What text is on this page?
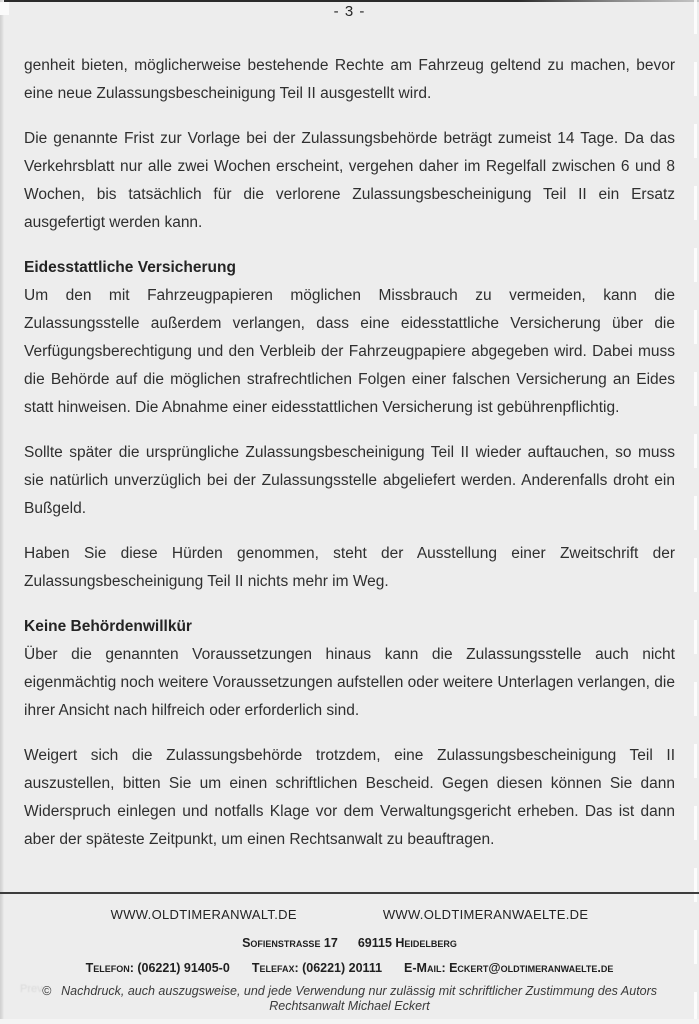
- 3 -

genheit bieten, möglicherweise bestehende Rechte am Fahrzeug geltend zu machen, bevor eine neue Zulassungsbescheinigung Teil II ausgestellt wird.

Die genannte Frist zur Vorlage bei der Zulassungsbehörde beträgt zumeist 14 Tage. Da das Verkehrsblatt nur alle zwei Wochen erscheint, vergehen daher im Regelfall zwischen 6 und 8 Wochen, bis tatsächlich für die verlorene Zulassungsbescheinigung Teil II ein Ersatz ausgefertigt werden kann.

Eidesstattliche Versicherung

Um den mit Fahrzeugpapieren möglichen Missbrauch zu vermeiden, kann die Zulassungsstelle außerdem verlangen, dass eine eidesstattliche Versicherung über die Verfügungsberechtigung und den Verbleib der Fahrzeugpapiere abgegeben wird. Dabei muss die Behörde auf die möglichen strafrechtlichen Folgen einer falschen Versicherung an Eides statt hinweisen. Die Abnahme einer eidesstattlichen Versicherung ist gebührenpflichtig.

Sollte später die ursprüngliche Zulassungsbescheinigung Teil II wieder auftauchen, so muss sie natürlich unverzüglich bei der Zulassungsstelle abgeliefert werden. Anderenfalls droht ein Bußgeld.

Haben Sie diese Hürden genommen, steht der Ausstellung einer Zweitschrift der Zulassungsbescheinigung Teil II nichts mehr im Weg.

Keine Behördenwillkür

Über die genannten Voraussetzungen hinaus kann die Zulassungsstelle auch nicht eigenmächtig noch weitere Voraussetzungen aufstellen oder weitere Unterlagen verlangen, die ihrer Ansicht nach hilfreich oder erforderlich sind.

Weigert sich die Zulassungsbehörde trotzdem, eine Zulassungsbescheinigung Teil II auszustellen, bitten Sie um einen schriftlichen Bescheid. Gegen diesen können Sie dann Widerspruch einlegen und notfalls Klage vor dem Verwaltungsgericht erheben. Das ist dann aber der späteste Zeitpunkt, um einen Rechtsanwalt zu beauftragen.

WWW.OLDTIMERANWALT.DE	WWW.OLDTIMERANWAELTE.DE
Sofienstrasse 17 69115 Heidelberg
Telefon: (06221) 91405-0 Telefax: (06221) 20111 E-Mail: Eckert@oldtimeranwaelte.de
© Nachdruck, auch auszugsweise, und jede Verwendung nur zulässig mit schriftlicher Zustimmung des Autors
Rechtsanwalt Michael Eckert
Prev
